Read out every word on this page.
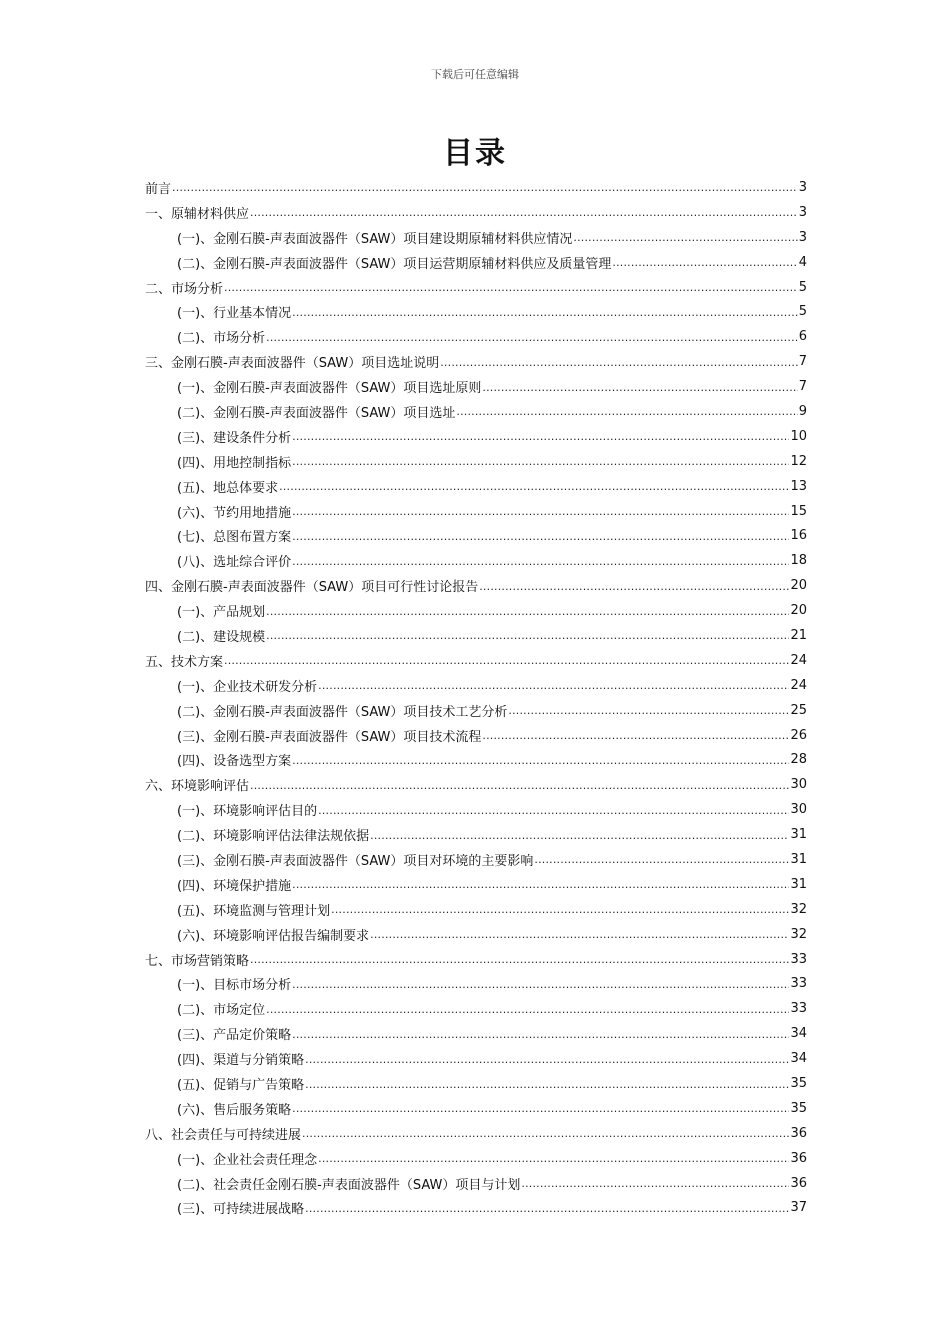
下载后可任意编辑
目录
前言 .....	3
一、原辅材料供应 .....	3
(一)、金刚石膜-声表面波器件（SAW）项目建设期原辅材料供应情况 .....	3
(二)、金刚石膜-声表面波器件（SAW）项目运营期原辅材料供应及质量管理 .....	4
二、市场分析 .....	5
(一)、行业基本情况 .....	5
(二)、市场分析 .....	6
三、金刚石膜-声表面波器件（SAW）项目选址说明 .....	7
(一)、金刚石膜-声表面波器件（SAW）项目选址原则 .....	7
(二)、金刚石膜-声表面波器件（SAW）项目选址 .....	9
(三)、建设条件分析 .....	10
(四)、用地控制指标 .....	12
(五)、地总体要求 .....	13
(六)、节约用地措施 .....	15
(七)、总图布置方案 .....	16
(八)、选址综合评价 .....	18
四、金刚石膜-声表面波器件（SAW）项目可行性讨论报告 .....	20
(一)、产品规划 .....	20
(二)、建设规模 .....	21
五、技术方案 .....	24
(一)、企业技术研发分析 .....	24
(二)、金刚石膜-声表面波器件（SAW）项目技术工艺分析 .....	25
(三)、金刚石膜-声表面波器件（SAW）项目技术流程 .....	26
(四)、设备选型方案 .....	28
六、环境影响评估 .....	30
(一)、环境影响评估目的 .....	30
(二)、环境影响评估法律法规依据 .....	31
(三)、金刚石膜-声表面波器件（SAW）项目对环境的主要影响 .....	31
(四)、环境保护措施 .....	31
(五)、环境监测与管理计划 .....	32
(六)、环境影响评估报告编制要求 .....	32
七、市场营销策略 .....	33
(一)、目标市场分析 .....	33
(二)、市场定位 .....	33
(三)、产品定价策略 .....	34
(四)、渠道与分销策略 .....	34
(五)、促销与广告策略 .....	35
(六)、售后服务策略 .....	35
八、社会责任与可持续进展 .....	36
(一)、企业社会责任理念 .....	36
(二)、社会责任金刚石膜-声表面波器件（SAW）项目与计划 .....	36
(三)、可持续进展战略 .....	37
